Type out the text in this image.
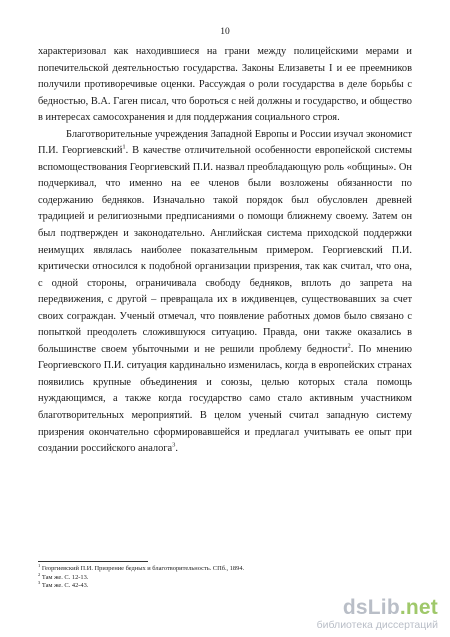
10

характеризовал как находившиеся на грани между полицейскими мерами и попечительской деятельностью государства. Законы Елизаветы I и ее преемников получили противоречивые оценки. Рассуждая о роли государства в деле борьбы с бедностью, В.А. Гаген писал, что бороться с ней должны и государство, и общество в интересах самосохранения и для поддержания социального строя.

Благотворительные учреждения Западной Европы и России изучал экономист П.И. Георгиевский$^1$. В качестве отличительной особенности европейской системы вспомоществования Георгиевский П.И. назвал преобладающую роль «общины». Он подчеркивал, что именно на ее членов были возложены обязанности по содержанию бедняков. Изначально такой порядок был обусловлен древней традицией и религиозными предписаниями о помощи ближнему своему. Затем он был подтвержден и законодательно. Английская система приходской поддержки неимущих являлась наиболее показательным примером. Георгиевский П.И. критически относился к подобной организации призрения, так как считал, что она, с одной стороны, ограничивала свободу бедняков, вплоть до запрета на передвижения, с другой – превращала их в иждивенцев, существовавших за счет своих сограждан. Ученый отмечал, что появление работных домов было связано с попыткой преодолеть сложившуюся ситуацию. Правда, они также оказались в большинстве своем убыточными и не решили проблему бедности$^2$. По мнению Георгиевского П.И. ситуация кардинально изменилась, когда в европейских странах появились крупные объединения и союзы, целью которых стала помощь нуждающимся, а также когда государство само стало активным участником благотворительных мероприятий. В целом ученый считал западную систему призрения окончательно сформировавшейся и предлагал учитывать ее опыт при создании российского аналога$^3$.

$^1$ Георгиевский П.И. Призрение бедных и благотворительность. СПб., 1894.
$^2$ Там же. С. 12-13.
$^3$ Там же. С. 42-43.
dsLib.net
библиотека диссертаций
